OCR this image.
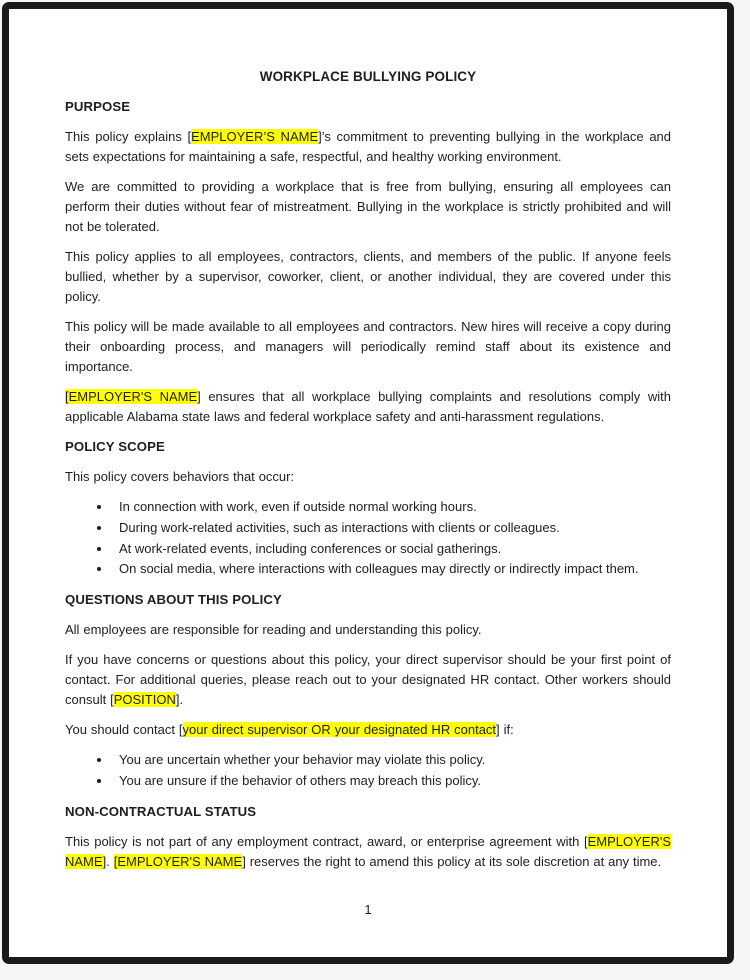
WORKPLACE BULLYING POLICY
PURPOSE

This policy explains [EMPLOYER’S NAME]’s commitment to preventing bullying in the workplace and sets expectations for maintaining a safe, respectful, and healthy working environment.

We are committed to providing a workplace that is free from bullying, ensuring all employees can perform their duties without fear of mistreatment. Bullying in the workplace is strictly prohibited and will not be tolerated.

This policy applies to all employees, contractors, clients, and members of the public. If anyone feels bullied, whether by a supervisor, coworker, client, or another individual, they are covered under this policy.

This policy will be made available to all employees and contractors. New hires will receive a copy during their onboarding process, and managers will periodically remind staff about its existence and importance.

[EMPLOYER'S NAME] ensures that all workplace bullying complaints and resolutions comply with applicable Alabama state laws and federal workplace safety and anti-harassment regulations.

POLICY SCOPE

This policy covers behaviors that occur:

• In connection with work, even if outside normal working hours.
• During work-related activities, such as interactions with clients or colleagues.
• At work-related events, including conferences or social gatherings.
• On social media, where interactions with colleagues may directly or indirectly impact them.
QUESTIONS ABOUT THIS POLICY

All employees are responsible for reading and understanding this policy.

If you have concerns or questions about this policy, your direct supervisor should be your first point of contact. For additional queries, please reach out to your designated HR contact. Other workers should consult [POSITION].

You should contact [your direct supervisor OR your designated HR contact] if:

• You are uncertain whether your behavior may violate this policy.
• You are unsure if the behavior of others may breach this policy.
NON-CONTRACTUAL STATUS

This policy is not part of any employment contract, award, or enterprise agreement with [EMPLOYER'S NAME]. [EMPLOYER'S NAME] reserves the right to amend this policy at its sole discretion at any time.

1
